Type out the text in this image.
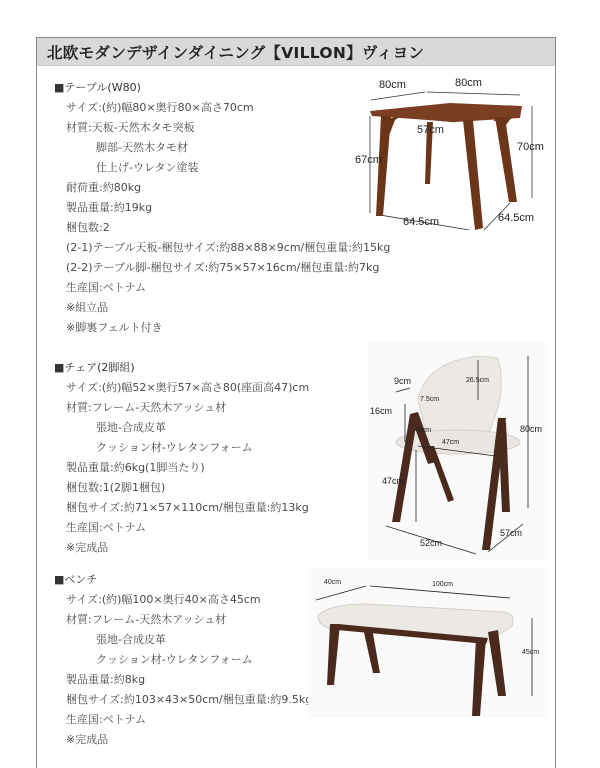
北欧モダンデザインダイニング【VILLON】ヴィヨン
■テーブル(W80)
サイズ:(約)幅80×奥行80×高さ70cm
材質:天板-天然木タモ突板
脚部-天然木タモ材
仕上げ-ウレタン塗装
耐荷重:約80kg
製品重量:約19kg
梱包数:2
(2-1)テーブル天板-梱包サイズ:約88×88×9cm/梱包重量:約15kg
(2-2)テーブル脚-梱包サイズ:約75×57×16cm/梱包重量:約7kg
生産国:ベトナム
※組立品
※脚裏フェルト付き
80cm	80cm
57cm
67cm
70cm
64.5cm	64.5cm
■チェア(2脚組)
サイズ:(約)幅52×奥行57×高さ80(座面高47)cm
材質:フレーム-天然木アッシュ材
張地-合成皮革
クッション材-ウレタンフォーム
製品重量:約6kg(1脚当たり)
梱包数:1(2脚1梱包)
梱包サイズ:約71×57×110cm/梱包重量:約13kg
生産国:ベトナム
※完成品
9cm
7.5cm
26.5cm
16cm
46cm
47cm
80cm
47cm
52cm
57cm
■ベンチ
サイズ:(約)幅100×奥行40×高さ45cm
材質:フレーム-天然木アッシュ材
張地-合成皮革
クッション材-ウレタンフォーム
製品重量:約8kg
梱包サイズ:約103×43×50cm/梱包重量:約9.5kg
生産国:ベトナム
※完成品
40cm	100cm
45cm
